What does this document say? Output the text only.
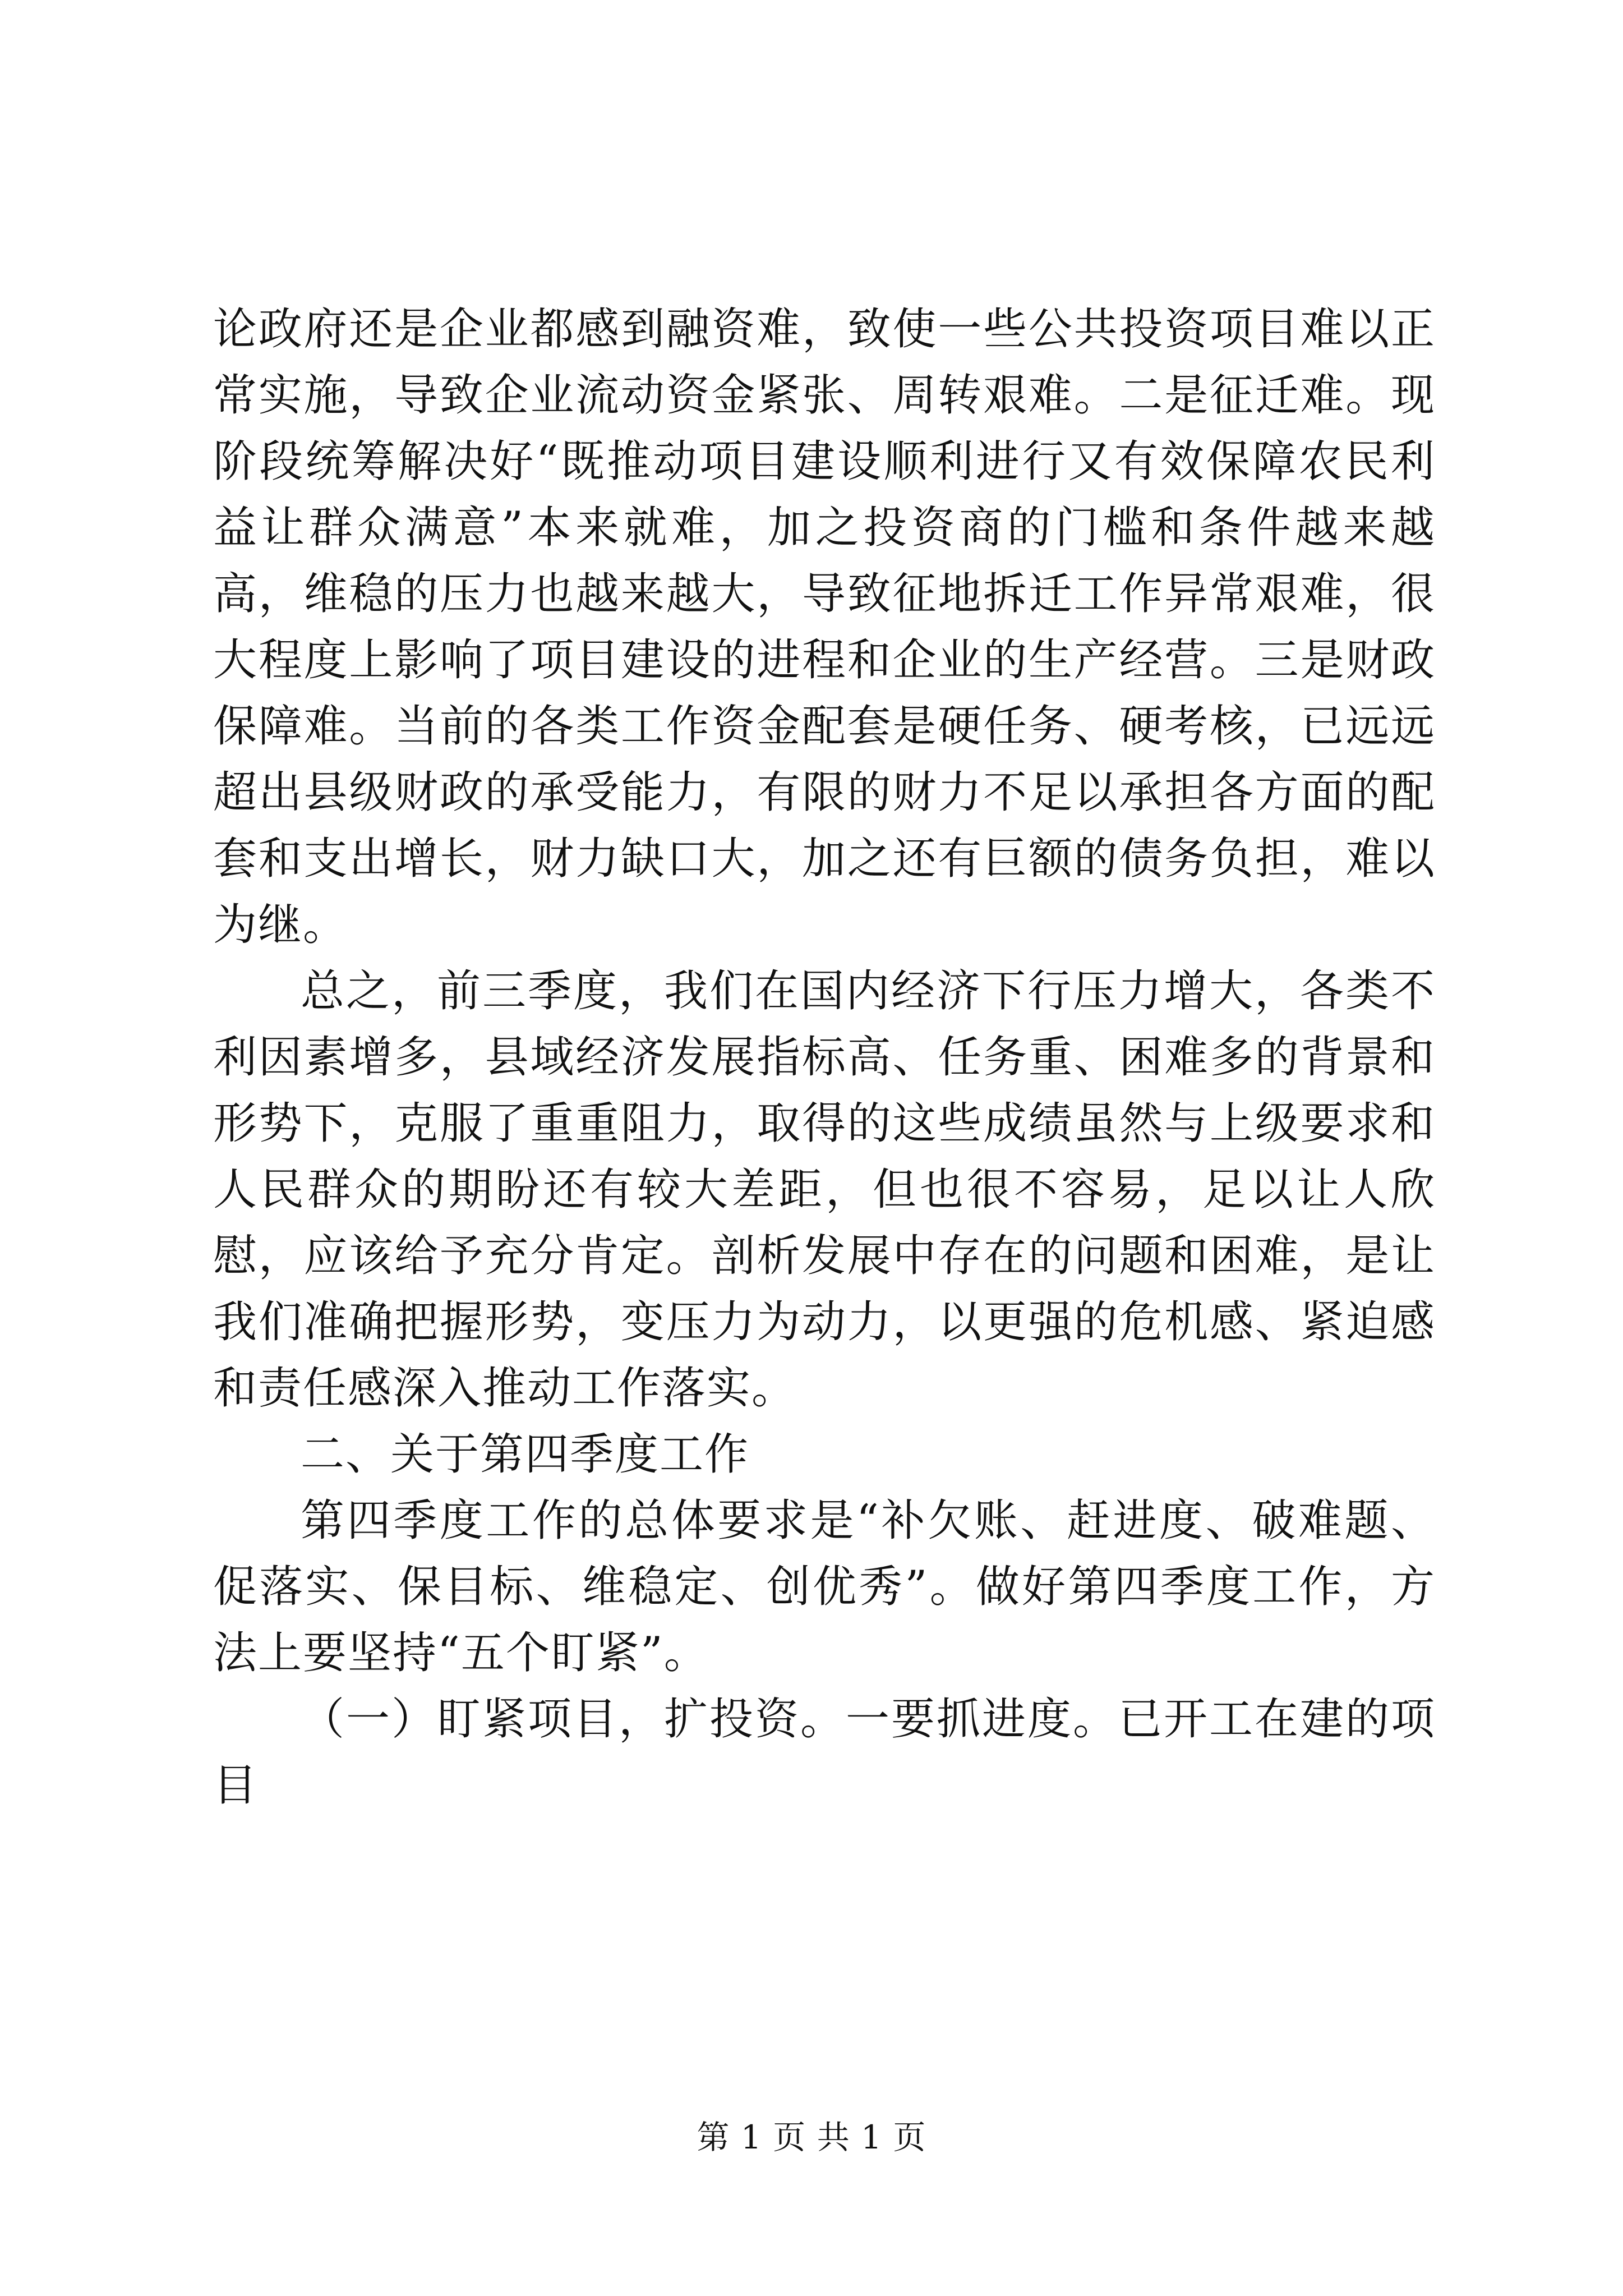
论政府还是企业都感到融资难，致使一些公共投资项目难以正常实施，导致企业流动资金紧张、周转艰难。二是征迁难。现阶段统筹解决好“既推动项目建设顺利进行又有效保障农民利益让群众满意”本来就难，加之投资商的门槛和条件越来越高，维稳的压力也越来越大，导致征地拆迁工作异常艰难，很大程度上影响了项目建设的进程和企业的生产经营。三是财政保障难。当前的各类工作资金配套是硬任务、硬考核，已远远超出县级财政的承受能力，有限的财力不足以承担各方面的配套和支出增长，财力缺口大，加之还有巨额的债务负担，难以为继。

总之，前三季度，我们在国内经济下行压力增大，各类不利因素增多，县域经济发展指标高、任务重、困难多的背景和形势下，克服了重重阻力，取得的这些成绩虽然与上级要求和人民群众的期盼还有较大差距，但也很不容易，足以让人欣慰，应该给予充分肯定。剖析发展中存在的问题和困难，是让我们准确把握形势，变压力为动力，以更强的危机感、紧迫感和责任感深入推动工作落实。

二、关于第四季度工作

第四季度工作的总体要求是“补欠账、赶进度、破难题、促落实、保目标、维稳定、创优秀”。做好第四季度工作，方法上要坚持“五个盯紧”。

（一）盯紧项目，扩投资。一要抓进度。已开工在建的项目

第 1 页 共 1 页
